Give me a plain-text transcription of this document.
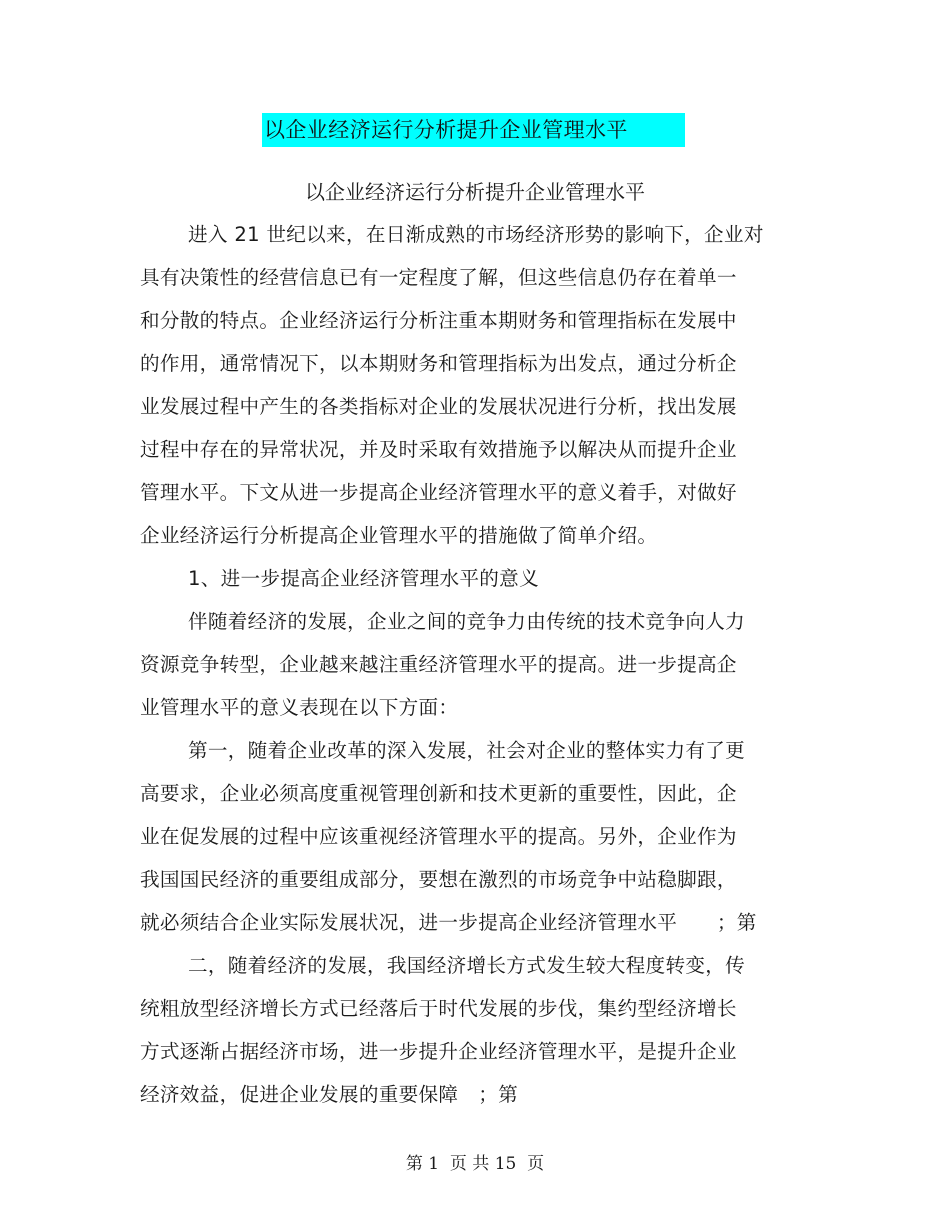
以企业经济运行分析提升企业管理水平
以企业经济运行分析提升企业管理水平
进入 21 世纪以来，在日渐成熟的市场经济形势的影响下，企业对
具有决策性的经营信息已有一定程度了解，但这些信息仍存在着单一
和分散的特点。企业经济运行分析注重本期财务和管理指标在发展中
的作用，通常情况下，以本期财务和管理指标为出发点，通过分析企
业发展过程中产生的各类指标对企业的发展状况进行分析，找出发展
过程中存在的异常状况，并及时采取有效措施予以解决从而提升企业
管理水平。下文从进一步提高企业经济管理水平的意义着手，对做好
企业经济运行分析提高企业管理水平的措施做了简单介绍。
1、进一步提高企业经济管理水平的意义
伴随着经济的发展，企业之间的竞争力由传统的技术竞争向人力
资源竞争转型，企业越来越注重经济管理水平的提高。进一步提高企
业管理水平的意义表现在以下方面：
第一，随着企业改革的深入发展，社会对企业的整体实力有了更
高要求，企业必须高度重视管理创新和技术更新的重要性，因此，企
业在促发展的过程中应该重视经济管理水平的提高。另外，企业作为
我国国民经济的重要组成部分，要想在激烈的市场竞争中站稳脚跟，
就必须结合企业实际发展状况，进一步提高企业经济管理水平　　；第
二，随着经济的发展，我国经济增长方式发生较大程度转变，传
统粗放型经济增长方式已经落后于时代发展的步伐，集约型经济增长
方式逐渐占据经济市场，进一步提升企业经济管理水平，是提升企业
经济效益，促进企业发展的重要保障　；第
第 1  页 共 15  页
